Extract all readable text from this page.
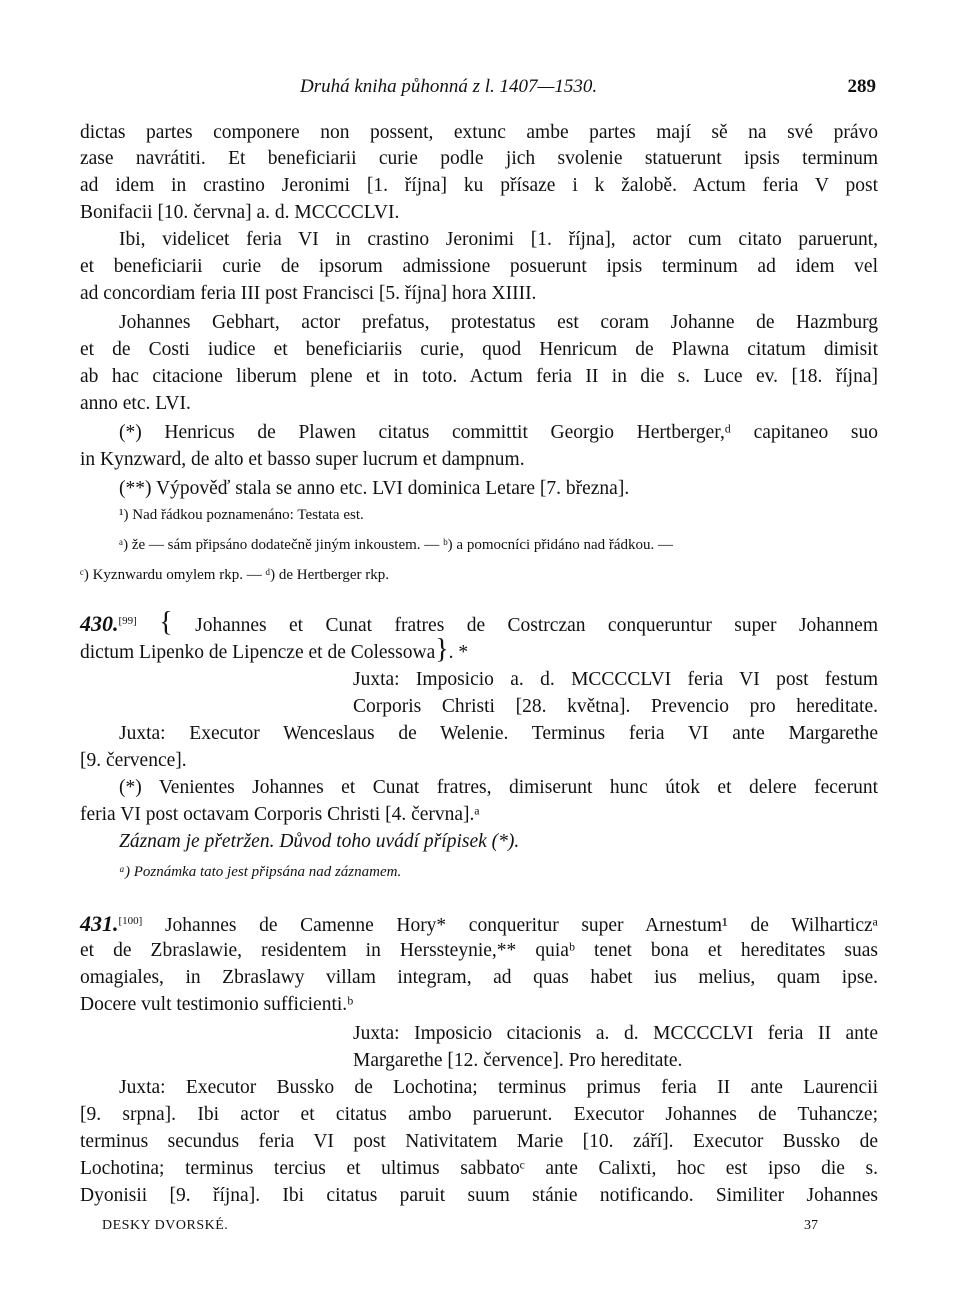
Druhá kniha půhonná z l. 1407—1530.	289
dictas partes componere non possent, extunc ambe partes mají sě na své právo
zase navrátiti. Et beneficiarii curie podle jich svolenie statuerunt ipsis terminum
ad idem in crastino Jeronimi [1. října] ku přísaze i k žalobě. Actum feria V post
Bonifacii [10. června] a. d. MCCCCLVI.
Ibi, videlicet feria VI in crastino Jeronimi [1. října], actor cum citato paruerunt,
et beneficiarii curie de ipsorum admissione posuerunt ipsis terminum ad idem vel
ad concordiam feria III post Francisci [5. října] hora XIIII.
Johannes Gebhart, actor prefatus, protestatus est coram Johanne de Hazmburg
et de Costi iudice et beneficiariis curie, quod Henricum de Plawna citatum dimisit
ab hac citacione liberum plene et in toto. Actum feria II in die s. Luce ev. [18. října]
anno etc. LVI.
(*) Henricus de Plawen citatus committit Georgio Hertberger,ᵈ capitaneo suo
in Kynzward, de alto et basso super lucrum et dampnum.
(**) Výpověď stala se anno etc. LVI dominica Letare [7. března].
¹) Nad řádkou poznamenáno: Testata est.
ᵃ) že — sám připsáno dodatečně jiným inkoustem. — ᵇ) a pomocníci přidáno nad řádkou. —
ᶜ) Kyznwardu omylem rkp. — ᵈ) de Hertberger rkp.
430.[99] { Johannes et Cunat fratres de Costrczan conqueruntur super Johannem
dictum Lipenko de Lipencze et de Colessowa}. *
Juxta: Imposicio a. d. MCCCCLVI feria VI post festum
Corporis Christi [28. května]. Prevencio pro hereditate.
Juxta: Executor Wenceslaus de Welenie. Terminus feria VI ante Margarethe
[9. července].
(*) Venientes Johannes et Cunat fratres, dimiserunt hunc útok et delere fecerunt
feria VI post octavam Corporis Christi [4. června].ᵃ
Záznam je přetržen. Důvod toho uvádí přípisek (*).
ᵃ) Poznámka tato jest připsána nad záznamem.
431.[100] Johannes de Camenne Hory* conqueritur super Arnestum¹ de Wilharticzᵃ
et de Zbraslawie, residentem in Herssteynie,** quiaᵇ tenet bona et hereditates suas
omagiales, in Zbraslawy villam integram, ad quas habet ius melius, quam ipse.
Docere vult testimonio sufficienti.ᵇ
Juxta: Imposicio citacionis a. d. MCCCCLVI feria II ante
Margarethe [12. července]. Pro hereditate.
Juxta: Executor Bussko de Lochotina; terminus primus feria II ante Laurencii
[9. srpna]. Ibi actor et citatus ambo paruerunt. Executor Johannes de Tuhancze;
terminus secundus feria VI post Nativitatem Marie [10. září]. Executor Bussko de
Lochotina; terminus tercius et ultimus sabbatoᶜ ante Calixti, hoc est ipso die s.
Dyonisii [9. října]. Ibi citatus paruit suum stánie notificando. Similiter Johannes
DESKY DVORSKÉ.	37
